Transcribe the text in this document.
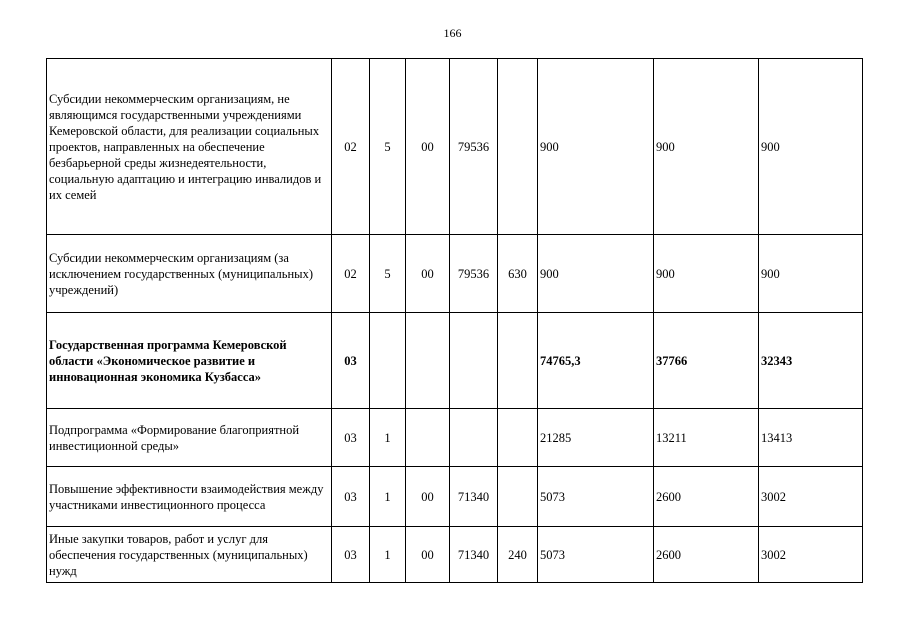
166
Субсидии некоммерческим организациям, не являющимся государственными учреждениями Кемеровской области, для реализации социальных проектов, направленных на обеспечение безбарьерной среды жизнедеятельности, социальную адаптацию и интеграцию инвалидов и их семей	02	5	00	79536		900	900	900
Субсидии некоммерческим организациям (за исключением государственных (муниципальных) учреждений)	02	5	00	79536	630	900	900	900
Государственная программа Кемеровской области «Экономическое развитие и инновационная экономика Кузбасса»	03					74765,3	37766	32343
Подпрограмма «Формирование благоприятной инвестиционной среды»	03	1				21285	13211	13413
Повышение эффективности взаимодействия между участниками инвестиционного процесса	03	1	00	71340		5073	2600	3002
Иные закупки товаров, работ и услуг для обеспечения государственных (муниципальных) нужд	03	1	00	71340	240	5073	2600	3002
